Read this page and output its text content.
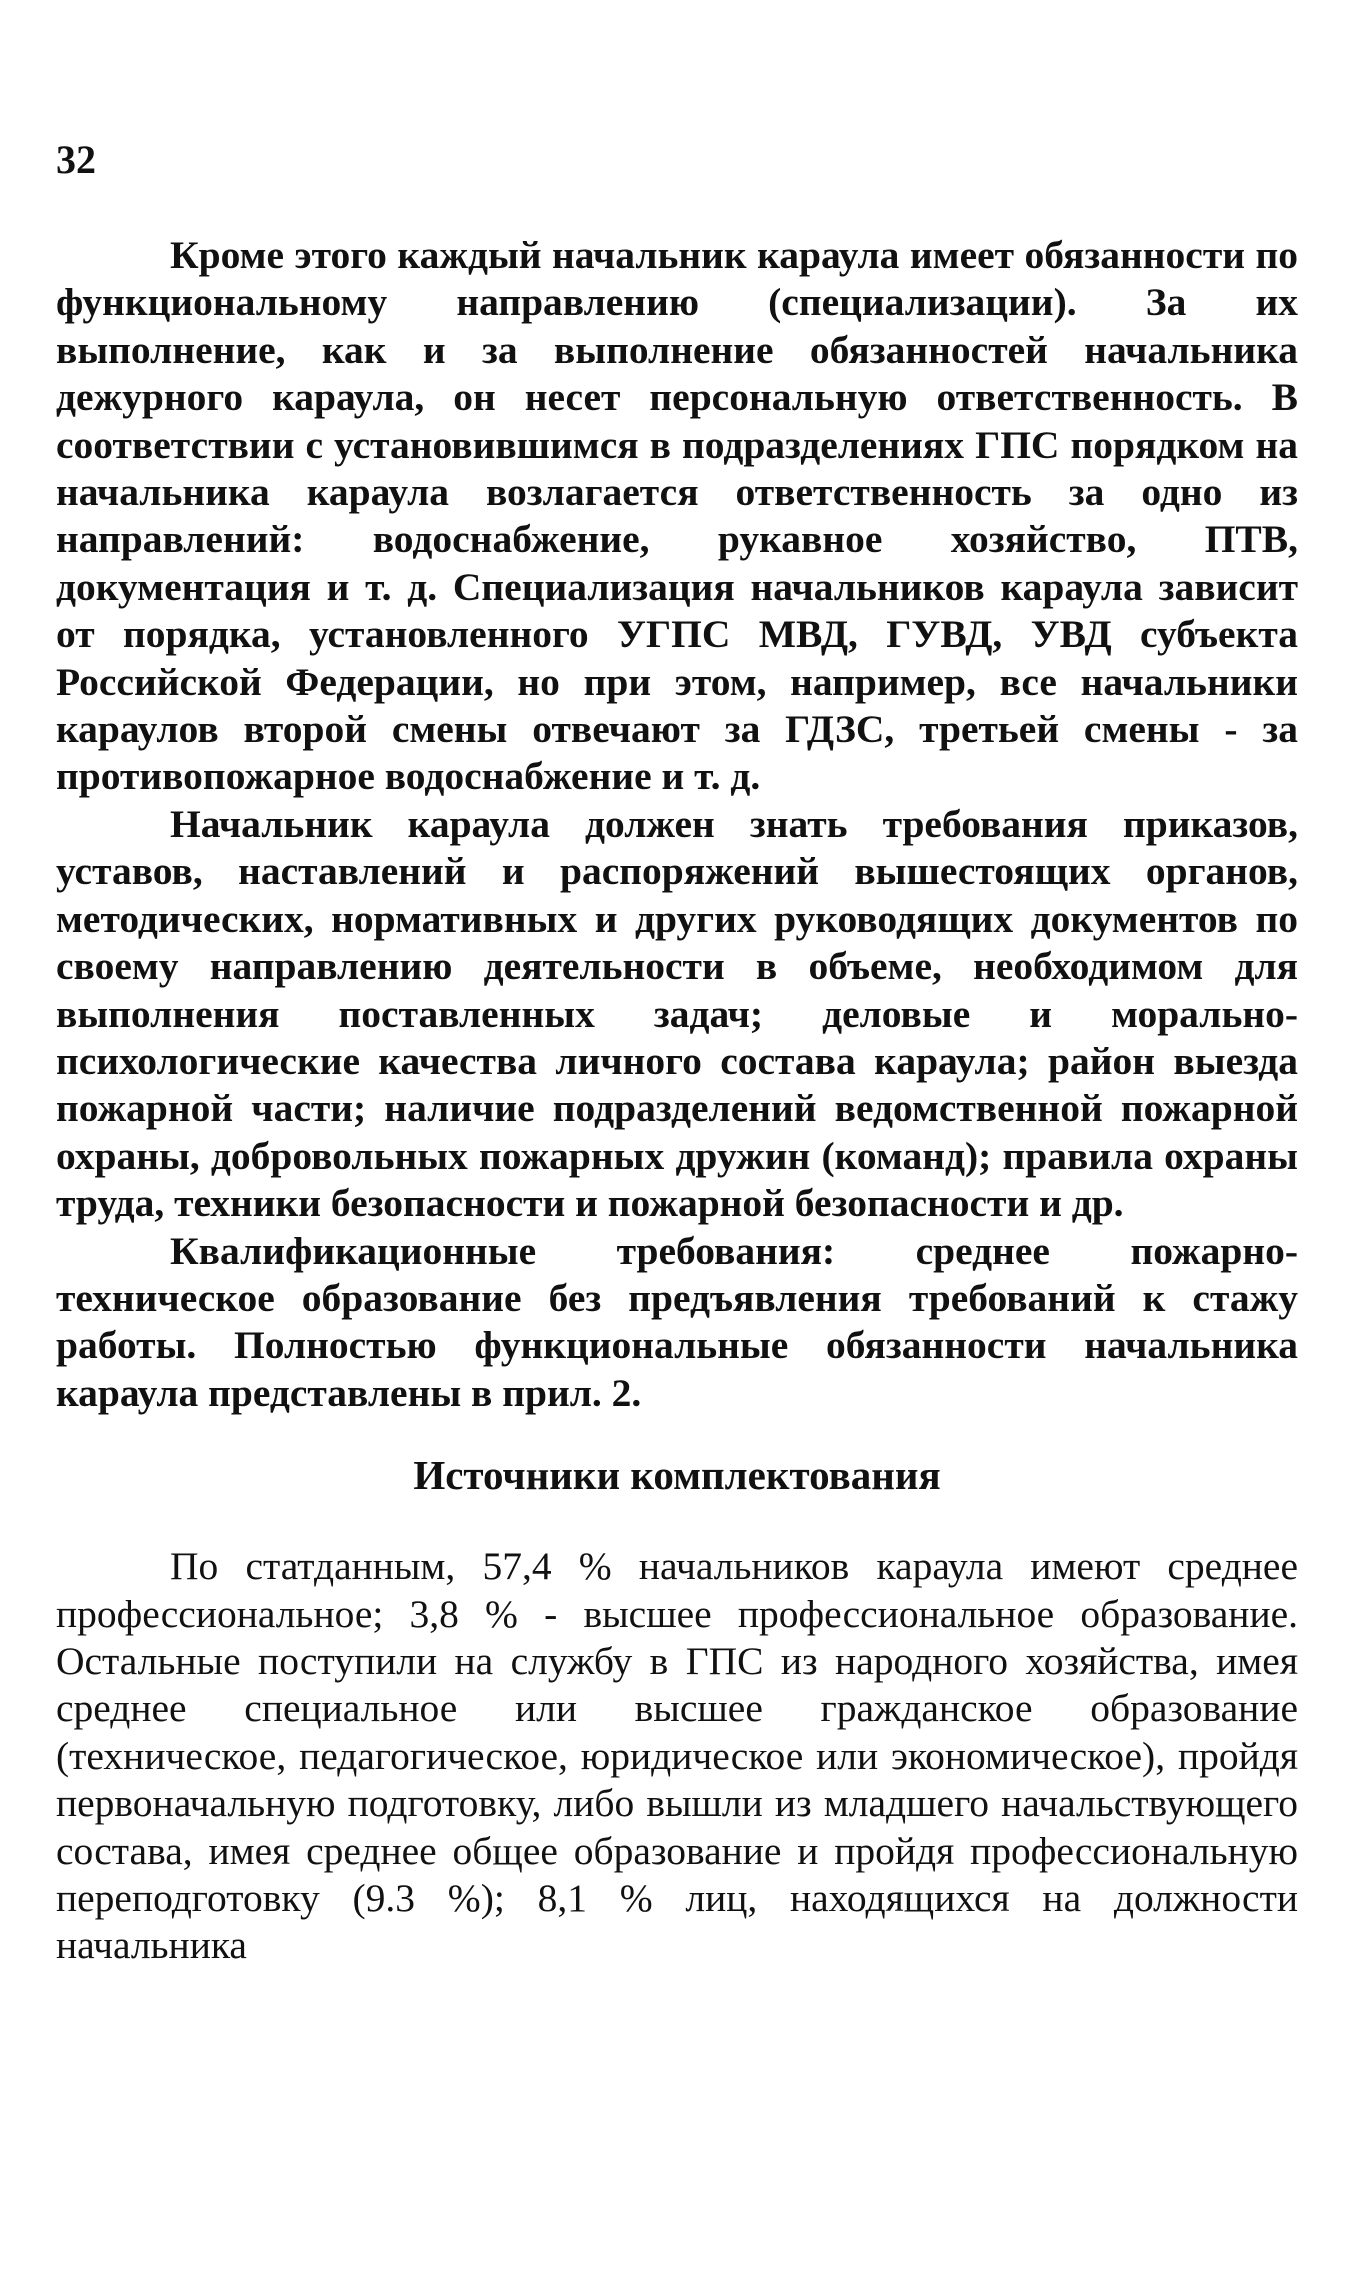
32

Кроме этого каждый начальник караула имеет обязанности по функциональному направлению (специализации). За их выполнение, как и за выполнение обязанностей начальника дежурного караула, он несет персональную ответственность. В соответствии с установившимся в подразделениях ГПС порядком на начальника караула возлагается ответственность за одно из направлений: водоснабжение, рукавное хозяйство, ПТВ, документация и т. д. Специализация начальников караула зависит от порядка, установленного УГПС МВД, ГУВД, УВД субъекта Российской Федерации, но при этом, например, все начальники караулов второй смены отвечают за ГДЗС, третьей смены - за противопожарное водоснабжение и т. д.

Начальник караула должен знать требования приказов, уставов, наставлений и распоряжений вышестоящих органов, методических, нормативных и других руководящих документов по своему направлению деятельности в объеме, необходимом для выполнения поставленных задач; деловые и морально-психологические качества личного состава караула; район выезда пожарной части; наличие подразделений ведомственной пожарной охраны, добровольных пожарных дружин (команд); правила охраны труда, техники безопасности и пожарной безопасности и др.

Квалификационные требования: среднее пожарно-техническое образование без предъявления требований к стажу работы. Полностью функциональные обязанности начальника караула представлены в прил. 2.

Источники комплектования

По статданным, 57,4 % начальников караула имеют среднее профессиональное; 3,8 % - высшее профессиональное образование. Остальные поступили на службу в ГПС из народного хозяйства, имея среднее специальное или высшее гражданское образование (техническое, педагогическое, юридическое или экономическое), пройдя первоначальную подготовку, либо вышли из младшего начальствующего состава, имея среднее общее образование и пройдя профессиональную переподготовку (9.3 %); 8,1 % лиц, находящихся на должности начальника
